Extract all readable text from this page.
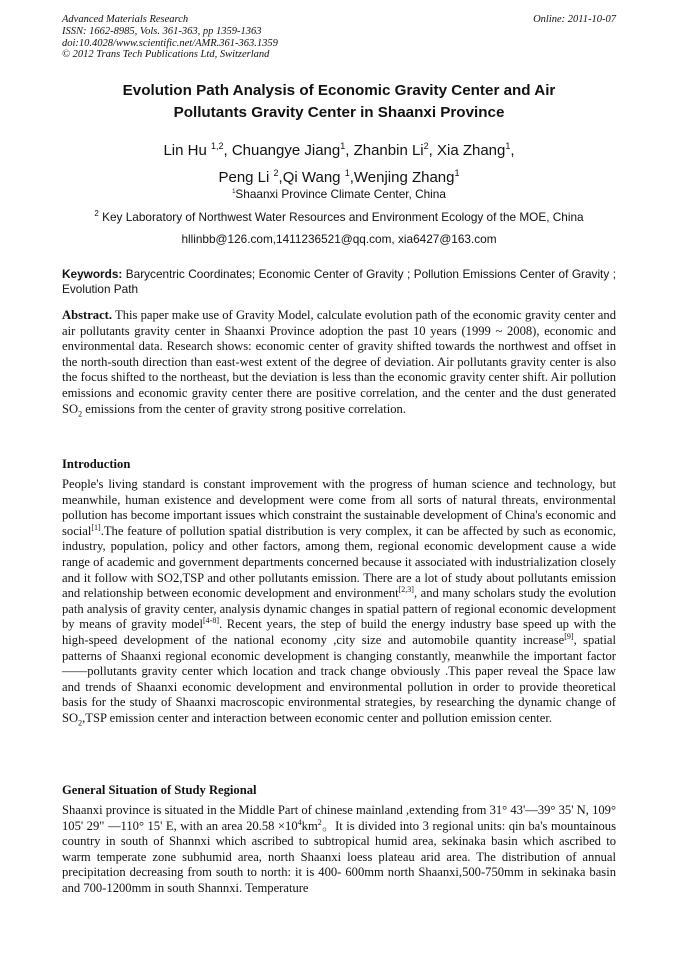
Advanced Materials Research
ISSN: 1662-8985, Vols. 361-363, pp 1359-1363
doi:10.4028/www.scientific.net/AMR.361-363.1359
© 2012 Trans Tech Publications Ltd, Switzerland
Online: 2011-10-07
Evolution Path Analysis of Economic Gravity Center and Air
Pollutants Gravity Center in Shaanxi Province
Lin Hu $^{1,2}$, Chuangye Jiang$^1$, Zhanbin Li$^2$, Xia Zhang$^1$,
Peng Li $^2$,Qi Wang $^1$,Wenjing Zhang$^1$
$^1$Shaanxi Province Climate Center, China
$^2$ Key Laboratory of Northwest Water Resources and Environment Ecology of the MOE, China
hllinbb@126.com,1411236521@qq.com, xia6427@163.com
Keywords: Barycentric Coordinates; Economic Center of Gravity ; Pollution Emissions Center of Gravity ; Evolution Path
Abstract. This paper make use of Gravity Model, calculate evolution path of the economic gravity center and air pollutants gravity center in Shaanxi Province adoption the past 10 years (1999 ~ 2008), economic and environmental data. Research shows: economic center of gravity shifted towards the northwest and offset in the north-south direction than east-west extent of the degree of deviation. Air pollutants gravity center is also the focus shifted to the northeast, but the deviation is less than the economic gravity center shift. Air pollution emissions and economic gravity center there are positive correlation, and the center and the dust generated $SO_2$ emissions from the center of gravity strong positive correlation.
Introduction
People's living standard is constant improvement with the progress of human science and technology, but meanwhile, human existence and development were come from all sorts of natural threats, environmental pollution has become important issues which constraint the sustainable development of China's economic and social[1].The feature of pollution spatial distribution is very complex, it can be affected by such as economic, industry, population, policy and other factors, among them, regional economic development cause a wide range of academic and government departments concerned because it associated with industrialization closely and it follow with SO2,TSP and other pollutants emission. There are a lot of study about pollutants emission and relationship between economic development and environment[2,3], and many scholars study the evolution path analysis of gravity center, analysis dynamic changes in spatial pattern of regional economic development by means of gravity model[4-8]. Recent years, the step of build the energy industry base speed up with the high-speed development of the national economy ,city size and automobile quantity increase[9], spatial patterns of Shaanxi regional economic development is changing constantly, meanwhile the important factor——pollutants gravity center which location and track change obviously .This paper reveal the Space law and trends of Shaanxi economic development and environmental pollution in order to provide theoretical basis for the study of Shaanxi macroscopic environmental strategies, by researching the dynamic change of $SO_2,TSP$ emission center and interaction between economic center and pollution emission center.
General Situation of Study Regional
Shaanxi province is situated in the Middle Part of chinese mainland ,extending from 31° 43'—39° 35' N, 109° 105' 29" —110° 15' E, with an area $20.58 \times 10^4km^2$。It is divided into 3 regional units: qin ba's mountainous country in south of Shannxi which ascribed to subtropical humid area, sekinaka basin which ascribed to warm temperate zone subhumid area, north Shaanxi loess plateau arid area. The distribution of annual precipitation decreasing from south to north: it is 400- 600mm north Shaanxi,500-750mm in sekinaka basin and 700-1200mm in south Shannxi. Temperature
